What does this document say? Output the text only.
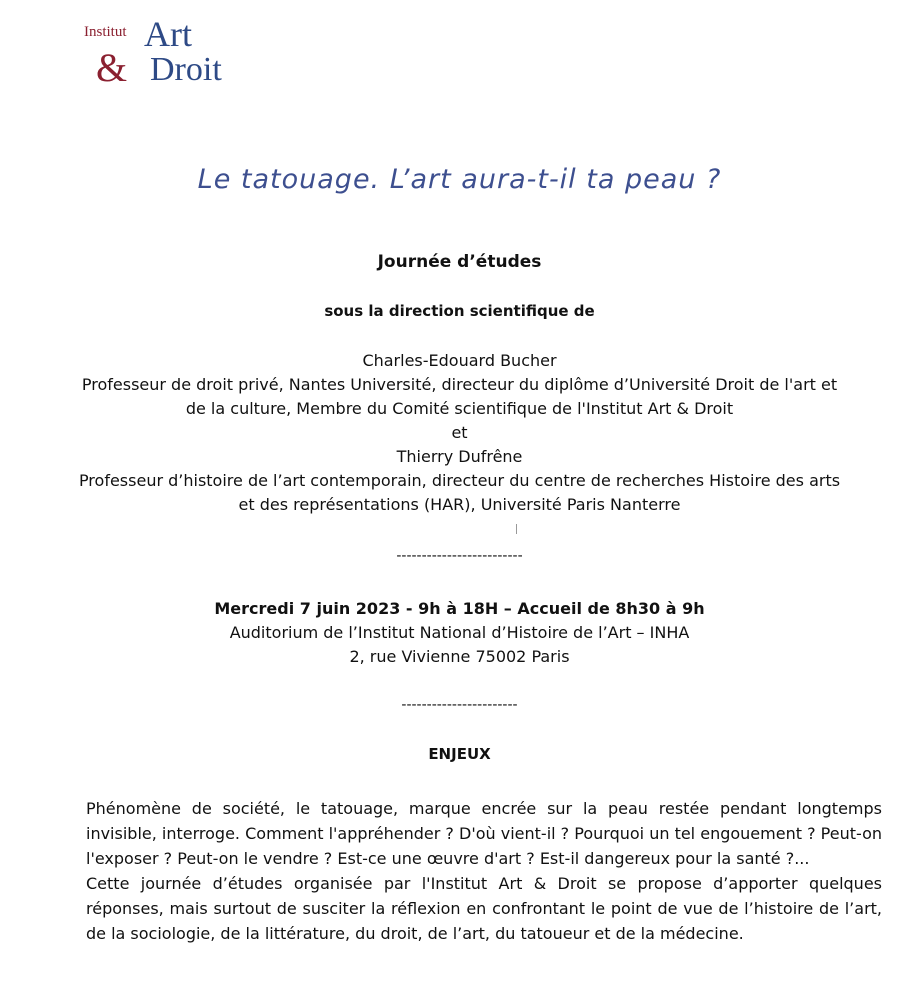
Institut Art
& Droit
Le tatouage. L’art aura-t-il ta peau ?
Journée d’études
sous la direction scientifique de
Charles-Edouard Bucher
Professeur de droit privé, Nantes Université, directeur du diplôme d’Université Droit de l'art et
de la culture, Membre du Comité scientifique de l'Institut Art & Droit
et
Thierry Dufrêne
Professeur d’histoire de l’art contemporain, directeur du centre de recherches Histoire des arts
et des représentations (HAR), Université Paris Nanterre
-------------------------
Mercredi 7 juin 2023 - 9h à 18H – Accueil de 8h30 à 9h
Auditorium de l’Institut National d’Histoire de l’Art – INHA
2, rue Vivienne 75002 Paris
-----------------------
ENJEUX

Phénomène de société, le tatouage, marque encrée sur la peau restée pendant longtemps invisible, interroge. Comment l'appréhender ? D'où vient-il ? Pourquoi un tel engouement ? Peut-on l'exposer ? Peut-on le vendre ? Est-ce une œuvre d'art ? Est-il dangereux pour la santé ?...

Cette journée d’études organisée par l'Institut Art & Droit se propose d’apporter quelques réponses, mais surtout de susciter la réflexion en confrontant le point de vue de l’histoire de l’art, de la sociologie, de la littérature, du droit, de l’art, du tatoueur et de la médecine.
